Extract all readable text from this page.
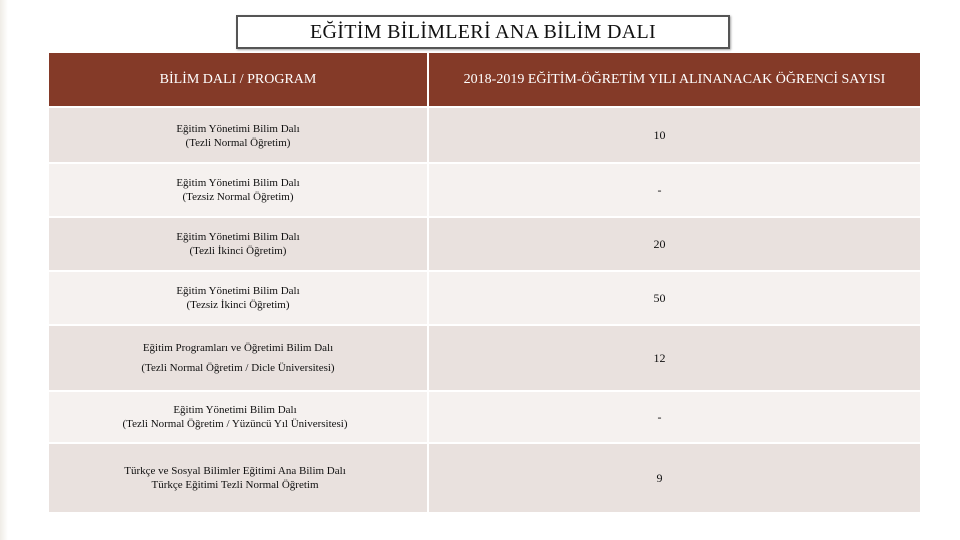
EĞİTİM BİLİMLERİ ANA BİLİM DALI
BİLİM DALI / PROGRAM	2018-2019 EĞİTİM-ÖĞRETİM YILI ALINANACAK ÖĞRENCİ SAYISI

Eğitim Yönetimi Bilim Dalı
(Tezli Normal Öğretim)	10

Eğitim Yönetimi Bilim Dalı
(Tezsiz Normal Öğretim)	-

Eğitim Yönetimi Bilim Dalı
(Tezli İkinci Öğretim)	20

Eğitim Yönetimi Bilim Dalı
(Tezsiz İkinci Öğretim)	50

Eğitim Programları ve Öğretimi Bilim Dalı
(Tezli Normal Öğretim / Dicle Üniversitesi)	12

Eğitim Yönetimi Bilim Dalı
(Tezli Normal Öğretim / Yüzüncü Yıl Üniversitesi)	-

Türkçe ve Sosyal Bilimler Eğitimi Ana Bilim Dalı
Türkçe Eğitimi Tezli Normal Öğretim	9
